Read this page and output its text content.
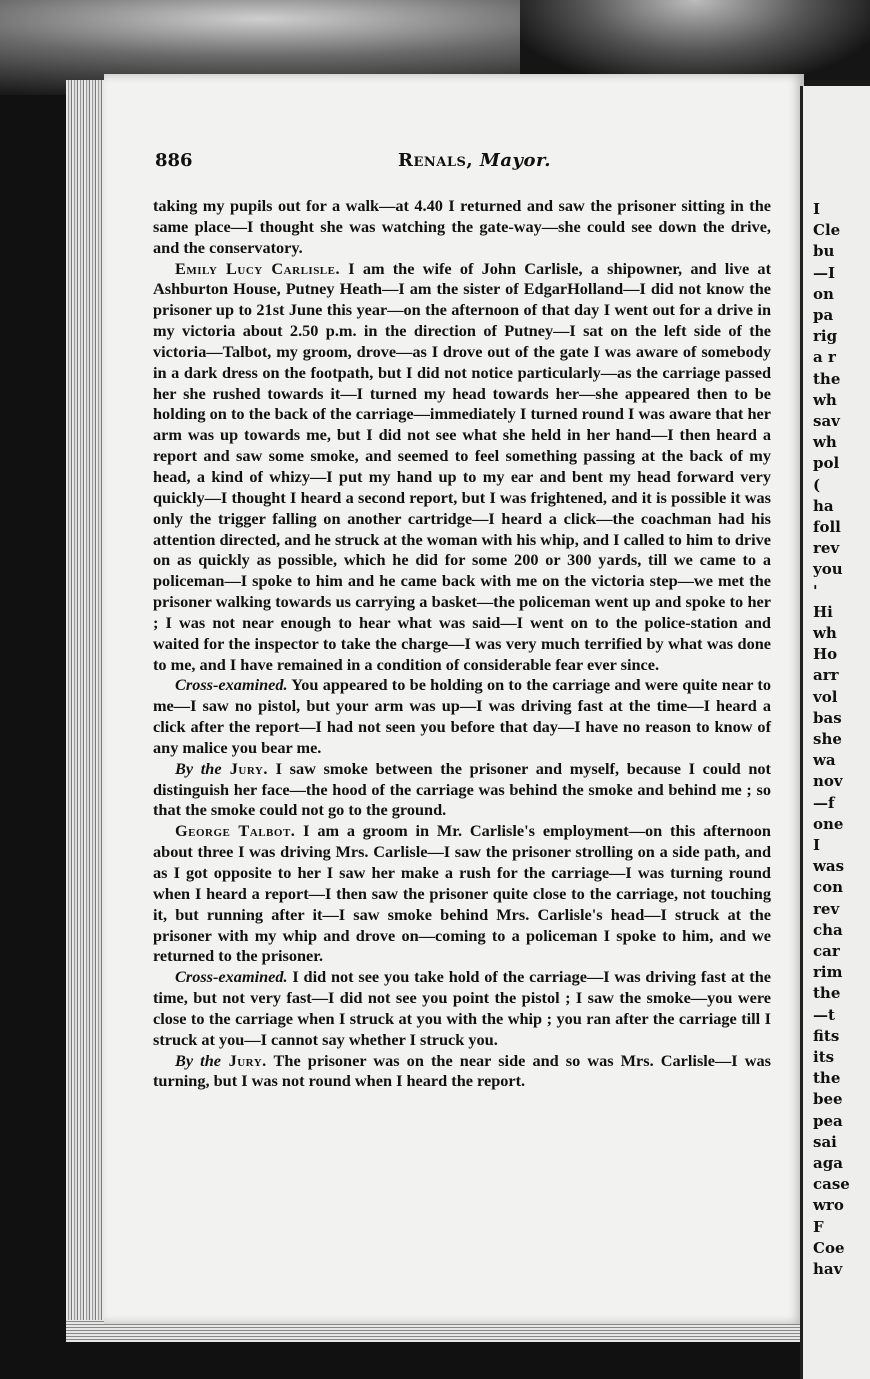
I
Cle
bu
—I
on
pa
rig
a r
the
wh
sav
wh
pol
(
ha
foll
rev
you
'
Hi
wh
Ho
arr
vol
bas
she
wa
nov
—f
one
I
was
con
rev
cha
car
rim
the
—t
fits
its
the
bee
pea
sai
aga
case
wro
F
Coe
hav
886	Renals, Mayor.

taking my pupils out for a walk—at 4.40 I returned and saw the prisoner sitting in the same place—I thought she was watching the gate-way—she could see down the drive, and the conservatory.

Emily Lucy Carlisle. I am the wife of John Carlisle, a shipowner, and live at Ashburton House, Putney Heath—I am the sister of EdgarHolland—I did not know the prisoner up to 21st June this year—on the afternoon of that day I went out for a drive in my victoria about 2.50 p.m. in the direction of Putney—I sat on the left side of the victoria—Talbot, my groom, drove—as I drove out of the gate I was aware of somebody in a dark dress on the footpath, but I did not notice particularly—as the carriage passed her she rushed towards it—I turned my head towards her—she appeared then to be holding on to the back of the carriage—immediately I turned round I was aware that her arm was up towards me, but I did not see what she held in her hand—I then heard a report and saw some smoke, and seemed to feel something passing at the back of my head, a kind of whizy—I put my hand up to my ear and bent my head forward very quickly—I thought I heard a second report, but I was frightened, and it is possible it was only the trigger falling on another cartridge—I heard a click—the coachman had his attention directed, and he struck at the woman with his whip, and I called to him to drive on as quickly as possible, which he did for some 200 or 300 yards, till we came to a policeman—I spoke to him and he came back with me on the victoria step—we met the prisoner walking towards us carrying a basket—the policeman went up and spoke to her ; I was not near enough to hear what was said—I went on to the police-station and waited for the inspector to take the charge—I was very much terrified by what was done to me, and I have remained in a condition of considerable fear ever since.

Cross-examined. You appeared to be holding on to the carriage and were quite near to me—I saw no pistol, but your arm was up—I was driving fast at the time—I heard a click after the report—I had not seen you before that day—I have no reason to know of any malice you bear me.

By the Jury. I saw smoke between the prisoner and myself, because I could not distinguish her face—the hood of the carriage was behind the smoke and behind me ; so that the smoke could not go to the ground.

George Talbot. I am a groom in Mr. Carlisle's employment—on this afternoon about three I was driving Mrs. Carlisle—I saw the prisoner strolling on a side path, and as I got opposite to her I saw her make a rush for the carriage—I was turning round when I heard a report—I then saw the prisoner quite close to the carriage, not touching it, but running after it—I saw smoke behind Mrs. Carlisle's head—I struck at the prisoner with my whip and drove on—coming to a policeman I spoke to him, and we returned to the prisoner.

Cross-examined. I did not see you take hold of the carriage—I was driving fast at the time, but not very fast—I did not see you point the pistol ; I saw the smoke—you were close to the carriage when I struck at you with the whip ; you ran after the carriage till I struck at you—I cannot say whether I struck you.

By the Jury. The prisoner was on the near side and so was Mrs. Carlisle—I was turning, but I was not round when I heard the report.
